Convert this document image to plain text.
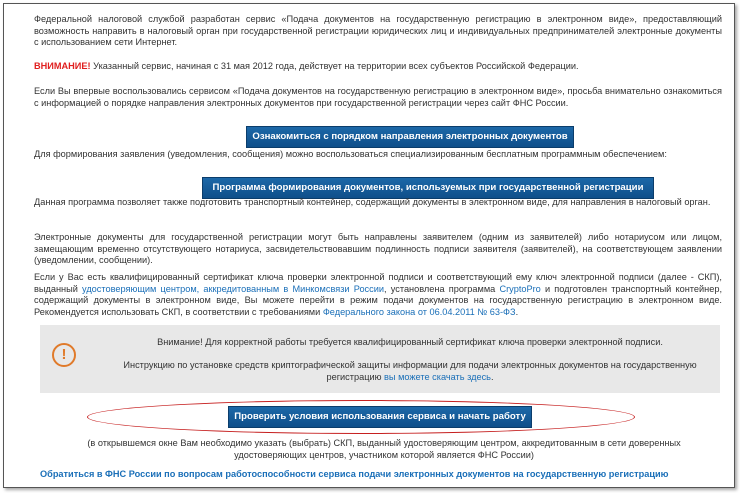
Федеральной налоговой службой разработан сервис «Подача документов на государственную регистрацию в электронном виде», предоставляющий возможность направить в налоговый орган при государственной регистрации юридических лиц и индивидуальных предпринимателей электронные документы с использованием сети Интернет.

ВНИМАНИЕ! Указанный сервис, начиная с 31 мая 2012 года, действует на территории всех субъектов Российской Федерации.

Если Вы впервые воспользовались сервисом «Подача документов на государственную регистрацию в электронном виде», просьба внимательно ознакомиться с информацией о порядке направления электронных документов при государственной регистрации через сайт ФНС России.

Ознакомиться с порядком направления электронных документов

Для формирования заявления (уведомления, сообщения) можно воспользоваться специализированным бесплатным программным обеспечением:

Программа формирования документов, используемых при государственной регистрации

Данная программа позволяет также подготовить транспортный контейнер, содержащий документы в электронном виде, для направления в налоговый орган.

Электронные документы для государственной регистрации могут быть направлены заявителем (одним из заявителей) либо нотариусом или лицом, замещающим временно отсутствующего нотариуса, засвидетельствовавшим подлинность подписи заявителя (заявителей), на соответствующем заявлении (уведомлении, сообщении).

Если у Вас есть квалифицированный сертификат ключа проверки электронной подписи и соответствующий ему ключ электронной подписи (далее - СКП), выданный удостоверяющим центром, аккредитованным в Минкомсвязи России, установлена программа CryptoPro и подготовлен транспортный контейнер, содержащий документы в электронном виде, Вы можете перейти в режим подачи документов на государственную регистрацию в электронном виде. Рекомендуется использовать СКП, в соответствии с требованиями Федерального закона от 06.04.2011 № 63-ФЗ.

!
Внимание! Для корректной работы требуется квалифицированный сертификат ключа проверки электронной подписи.
Инструкцию по установке средств криптографической защиты информации для подачи электронных документов на государственную регистрацию вы можете скачать здесь.
Проверить условия использования сервиса и начать работу
(в открывшемся окне Вам необходимо указать (выбрать) СКП, выданный удостоверяющим центром, аккредитованным в сети доверенных удостоверяющих центров, участником которой является ФНС России)
Обратиться в ФНС России по вопросам работоспособности сервиса подачи электронных документов на государственную регистрацию
